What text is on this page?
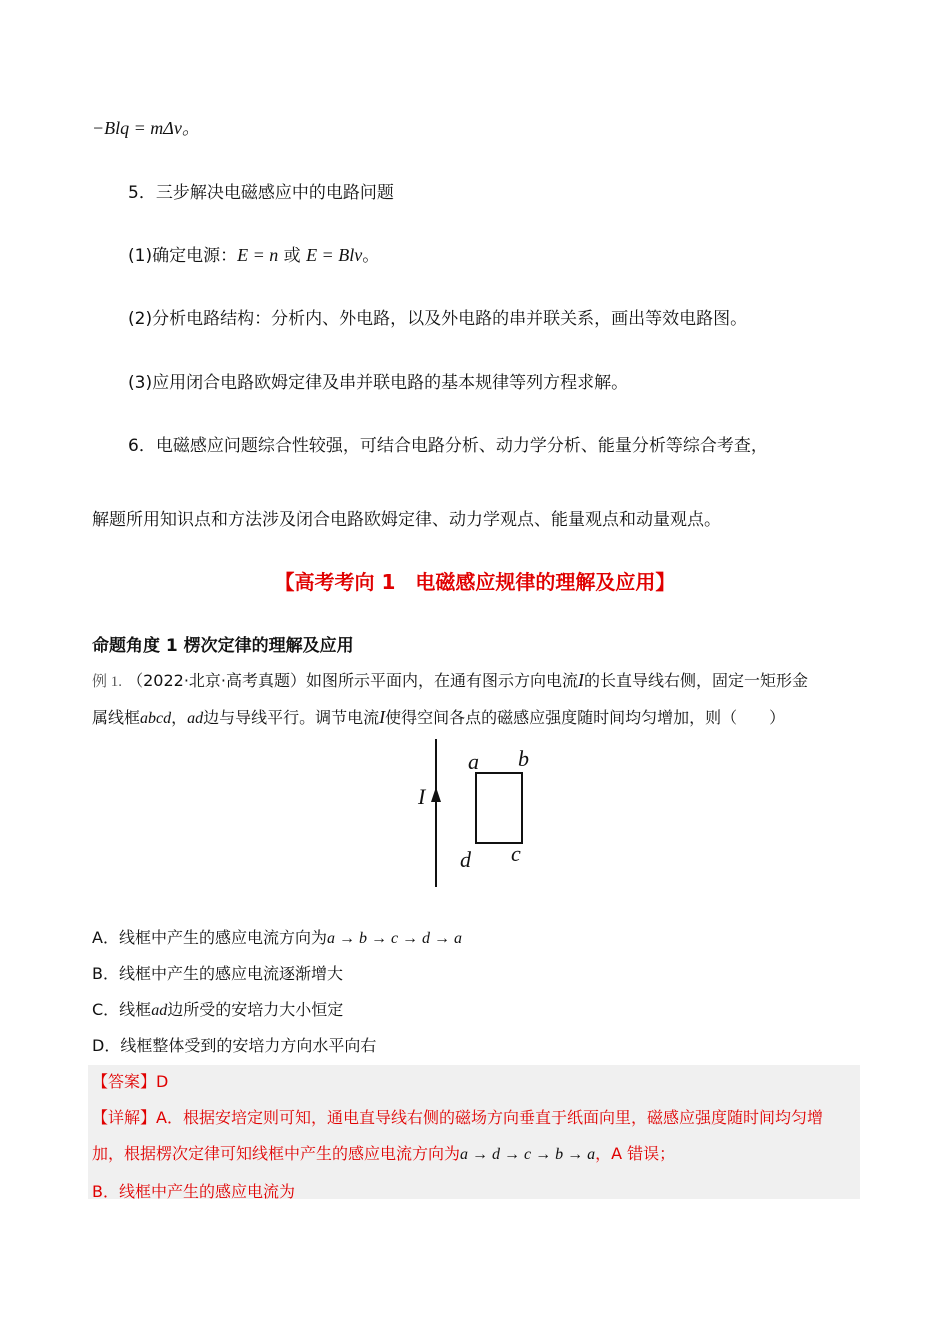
−Blq = mΔv。
5．三步解决电磁感应中的电路问题
(1)确定电源：E = n 或 E = Blv。
(2)分析电路结构：分析内、外电路，以及外电路的串并联关系，画出等效电路图。
(3)应用闭合电路欧姆定律及串并联电路的基本规律等列方程求解。
6．电磁感应问题综合性较强，可结合电路分析、动力学分析、能量分析等综合考查，
解题所用知识点和方法涉及闭合电路欧姆定律、动力学观点、能量观点和动量观点。
【高考考向 1　电磁感应规律的理解及应用】
命题角度 1 楞次定律的理解及应用
例 1. （2022·北京·高考真题）如图所示平面内，在通有图示方向电流I的长直导线右侧，固定一矩形金
属线框abcd，ad边与导线平行。调节电流I使得空间各点的磁感应强度随时间均匀增加，则（　　）
I
a b
c
d
A．线框中产生的感应电流方向为a → b → c → d → a
B．线框中产生的感应电流逐渐增大
C．线框ad边所受的安培力大小恒定
D．线框整体受到的安培力方向水平向右
【答案】D
【详解】A．根据安培定则可知，通电直导线右侧的磁场方向垂直于纸面向里，磁感应强度随时间均匀增
加，根据楞次定律可知线框中产生的感应电流方向为a → d → c → b → a，A 错误；
B．线框中产生的感应电流为
